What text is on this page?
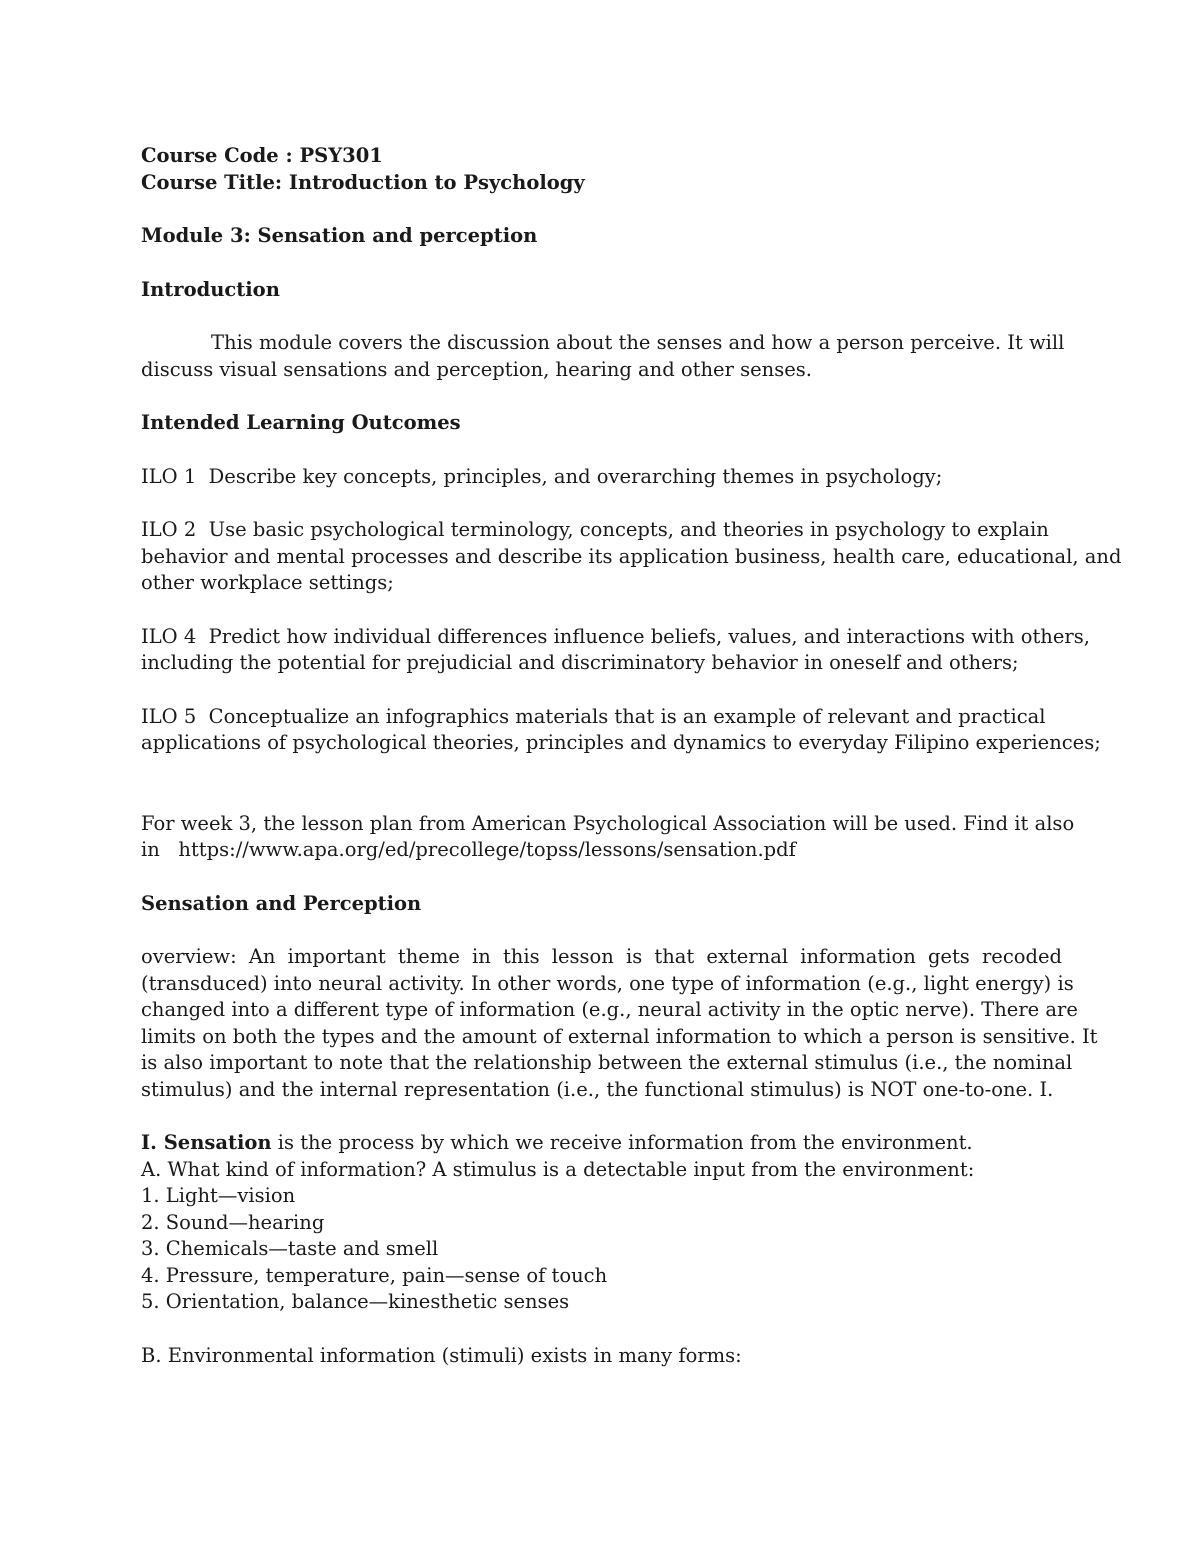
Course Code : PSY301
Course Title: Introduction to Psychology
Module 3: Sensation and perception
Introduction
This module covers the discussion about the senses and how a person perceive. It will
discuss visual sensations and perception, hearing and other senses.
Intended Learning Outcomes
ILO 1 Describe key concepts, principles, and overarching themes in psychology;
ILO 2 Use basic psychological terminology, concepts, and theories in psychology to explain
behavior and mental processes and describe its application business, health care, educational, and
other workplace settings;
ILO 4 Predict how individual differences influence beliefs, values, and interactions with others,
including the potential for prejudicial and discriminatory behavior in oneself and others;
ILO 5 Conceptualize an infographics materials that is an example of relevant and practical
applications of psychological theories, principles and dynamics to everyday Filipino experiences;
For week 3, the lesson plan from American Psychological Association will be used. Find it also
in https://www.apa.org/ed/precollege/topss/lessons/sensation.pdf
Sensation and Perception
overview: An important theme in this lesson is that external information gets recoded
(transduced) into neural activity. In other words, one type of information (e.g., light energy) is
changed into a different type of information (e.g., neural activity in the optic nerve). There are
limits on both the types and the amount of external information to which a person is sensitive. It
is also important to note that the relationship between the external stimulus (i.e., the nominal
stimulus) and the internal representation (i.e., the functional stimulus) is NOT one-to-one. I.
I. Sensation is the process by which we receive information from the environment.
A. What kind of information? A stimulus is a detectable input from the environment:
1. Light—vision
2. Sound—hearing
3. Chemicals—taste and smell
4. Pressure, temperature, pain—sense of touch
5. Orientation, balance—kinesthetic senses
B. Environmental information (stimuli) exists in many forms:
